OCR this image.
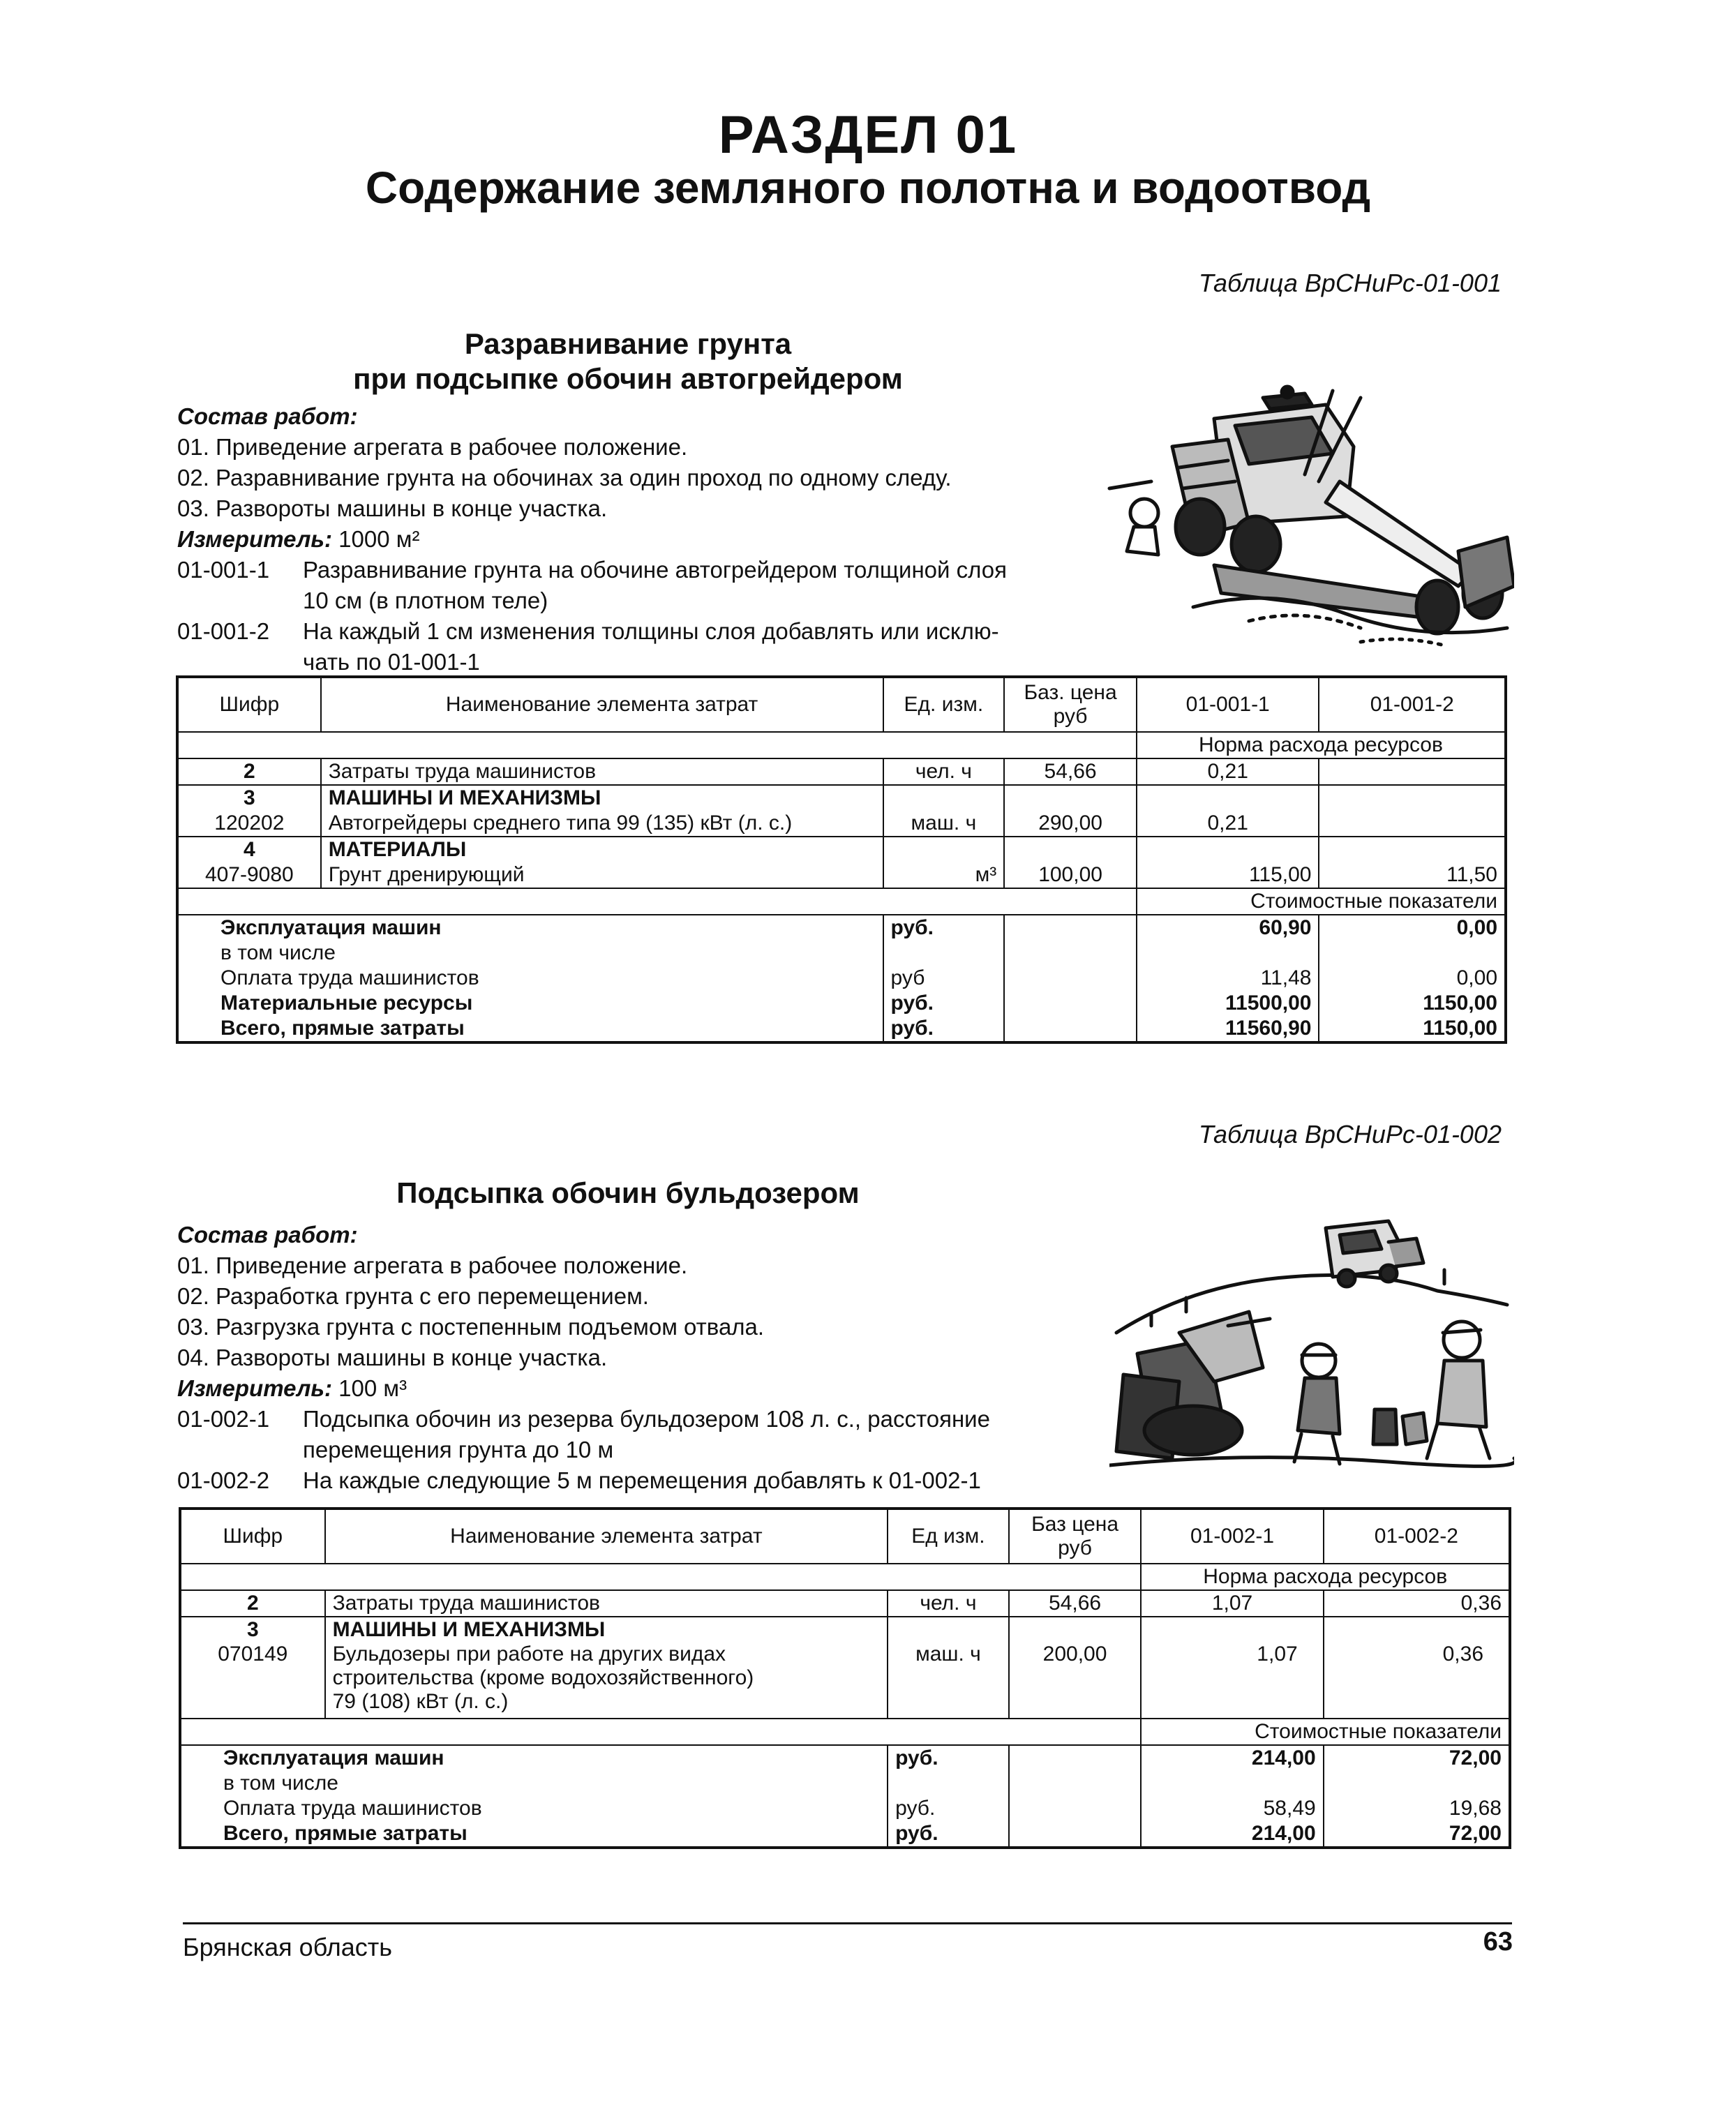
РАЗДЕЛ 01
Содержание земляного полотна и водоотвод
Таблица ВрСНиРс-01-001
Разравнивание грунта
при подсыпке обочин автогрейдером
Состав работ:
01. Приведение агрегата в рабочее положение.
02. Разравнивание грунта на обочинах за один проход по одному следу.
03. Развороты машины в конце участка.
Измеритель: 1000 м²
01-001-1 Разравнивание грунта на обочине автогрейдером толщиной слоя
10 см (в плотном теле)
01-001-2 На каждый 1 см изменения толщины слоя добавлять или исклю-
чать по 01-001-1
Шифр	Наименование элемента затрат	Ед. изм.	Баз. цена руб	01-001-1	01-001-2
				Норма расхода ресурсов	
2	Затраты труда машинистов	чел. ч	54,66	0,21	
3	МАШИНЫ И МЕХАНИЗМЫ				
120202	Автогрейдеры среднего типа 99 (135) кВт (л. с.)	маш. ч	290,00	0,21	
4	МАТЕРИАЛЫ				
407-9080	Грунт дренирующий	м³	100,00	115,00	11,50
				Стоимостные показатели	
Эксплуатация машин		руб.		60,90	0,00
в том числе					
Оплата труда машинистов		руб		11,48	0,00
Материальные ресурсы		руб.		11500,00	1150,00
Всего, прямые затраты		руб.		11560,90	1150,00
Таблица ВрСНиРс-01-002
Подсыпка обочин бульдозером
Состав работ:
01. Приведение агрегата в рабочее положение.
02. Разработка грунта с его перемещением.
03. Разгрузка грунта с постепенным подъемом отвала.
04. Развороты машины в конце участка.
Измеритель: 100 м³
01-002-1 Подсыпка обочин из резерва бульдозером 108 л. с., расстояние
перемещения грунта до 10 м
01-002-2 На каждые следующие 5 м перемещения добавлять к 01-002-1
Шифр	Наименование элемента затрат	Ед изм.	Баз цена руб	01-002-1	01-002-2
				Норма расхода ресурсов	
2	Затраты труда машинистов	чел. ч	54,66	1,07	0,36
3	МАШИНЫ И МЕХАНИЗМЫ				
070149	Бульдозеры при работе на других видах строительства (кроме водохозяйственного) 79 (108) кВт (л. с.)	маш. ч	200,00	1,07	0,36
				Стоимостные показатели	
Эксплуатация машин		руб.		214,00	72,00
в том числе					
Оплата труда машинистов		руб.		58,49	19,68
Всего, прямые затраты		руб.		214,00	72,00
Брянская область	63
